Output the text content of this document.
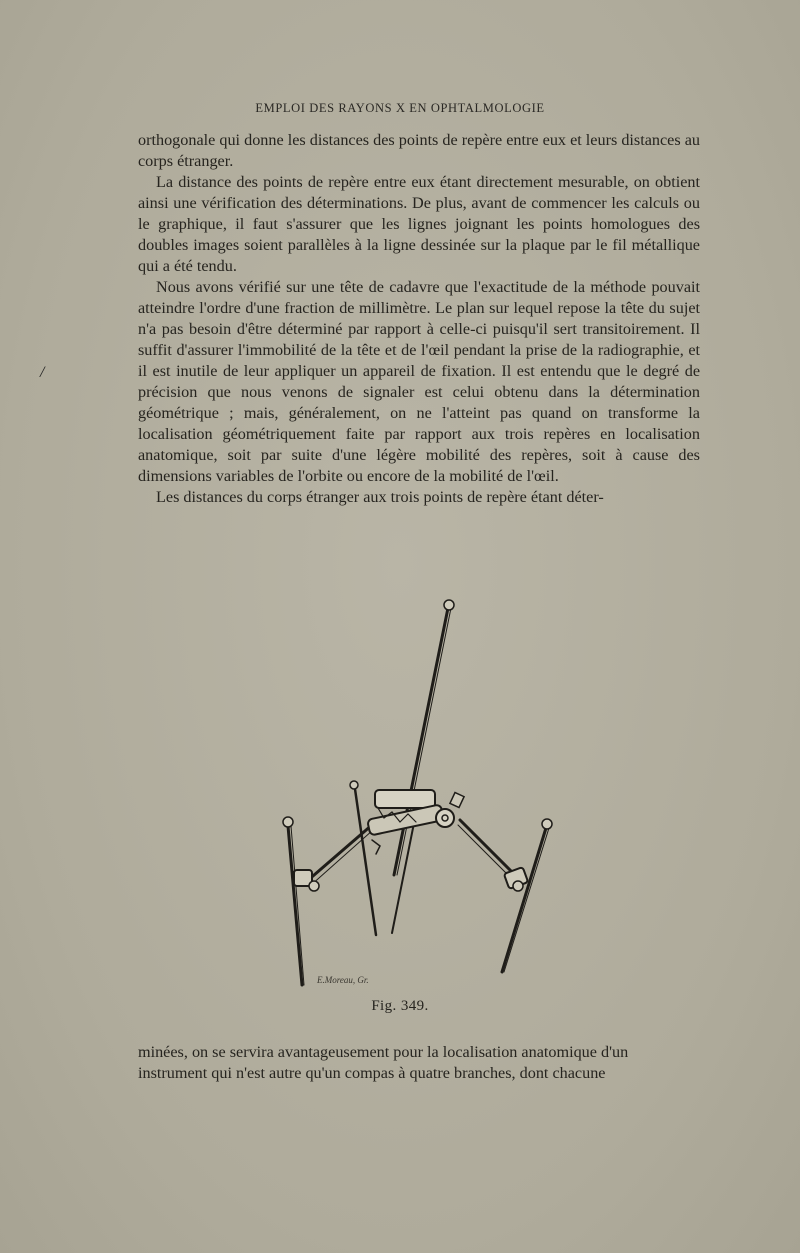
EMPLOI DES RAYONS X EN OPHTALMOLOGIE
/

orthogonale qui donne les distances des points de repère entre eux et leurs distances au corps étranger.

La distance des points de repère entre eux étant directement mesurable, on obtient ainsi une vérification des déterminations. De plus, avant de commencer les calculs ou le graphique, il faut s'assurer que les lignes joignant les points homologues des doubles images soient parallèles à la ligne dessinée sur la plaque par le fil métallique qui a été tendu.

Nous avons vérifié sur une tête de cadavre que l'exactitude de la méthode pouvait atteindre l'ordre d'une fraction de millimètre. Le plan sur lequel repose la tête du sujet n'a pas besoin d'être déterminé par rapport à celle-ci puisqu'il sert transitoirement. Il suffit d'assurer l'immobilité de la tête et de l'œil pendant la prise de la radiographie, et il est inutile de leur appliquer un appareil de fixation. Il est entendu que le degré de précision que nous venons de signaler est celui obtenu dans la détermination géométrique ; mais, généralement, on ne l'atteint pas quand on transforme la localisation géométriquement faite par rapport aux trois repères en localisation anatomique, soit par suite d'une légère mobilité des repères, soit à cause des dimensions variables de l'orbite ou encore de la mobilité de l'œil.

Les distances du corps étranger aux trois points de repère étant déter-

E.Moreau, Gr.
Fig. 349.

minées, on se servira avantageusement pour la localisation anatomique d'un

instrument qui n'est autre qu'un compas à quatre branches, dont chacune
